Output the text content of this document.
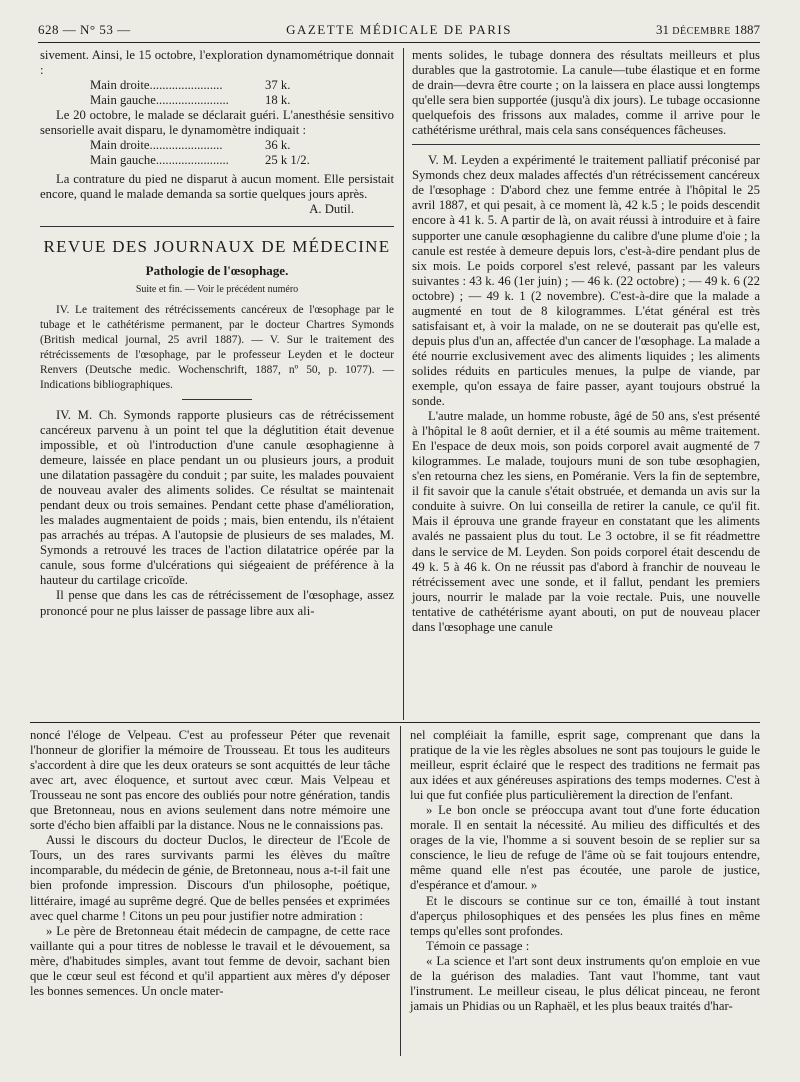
628 — N° 53 —	GAZETTE MÉDICALE DE PARIS	31 DÉCEMBRE 1887

sivement. Ainsi, le 15 octobre, l'exploration dynamométrique donnait :

Main droite.......................	37 k.
Main gauche.......................	18 k.

Le 20 octobre, le malade se déclarait guéri. L'anesthésie sensitivo sensorielle avait disparu, le dynamomètre indiquait :

Main droite.......................	36 k.
Main gauche.......................	25 k 1/2.

La contrature du pied ne disparut à aucun moment. Elle persistait encore, quand le malade demanda sa sortie quelques jours après.

A. Dutil.

REVUE DES JOURNAUX DE MÉDECINE
Pathologie de l'œsophage.
Suite et fin. — Voir le précédent numéro

IV. Le traitement des rétrécissements cancéreux de l'œsophage par le tubage et le cathétérisme permanent, par le docteur Chartres Symonds (British medical journal, 25 avril 1887). — V. Sur le traitement des rétrécissements de l'œsophage, par le professeur Leyden et le docteur Renvers (Deutsche medic. Wochenschrift, 1887, nº 50, p. 1077). — Indications bibliographiques.

IV. M. Ch. Symonds rapporte plusieurs cas de rétrécissement cancéreux parvenu à un point tel que la déglutition était devenue impossible, et où l'introduction d'une canule œsophagienne à demeure, laissée en place pendant un ou plusieurs jours, a produit une dilatation passagère du conduit ; par suite, les malades pouvaient de nouveau avaler des aliments solides. Ce résultat se maintenait pendant deux ou trois semaines. Pendant cette phase d'amélioration, les malades augmentaient de poids ; mais, bien entendu, ils n'étaient pas arrachés au trépas. A l'autopsie de plusieurs de ses malades, M. Symonds a retrouvé les traces de l'action dilatatrice opérée par la canule, sous forme d'ulcérations qui siégeaient de préférence à la hauteur du cartilage cricoïde.

Il pense que dans les cas de rétrécissement de l'œsophage, assez prononcé pour ne plus laisser de passage libre aux ali-

ments solides, le tubage donnera des résultats meilleurs et plus durables que la gastrotomie. La canule—tube élastique et en forme de drain—devra être courte ; on la laissera en place aussi longtemps qu'elle sera bien supportée (jusqu'à dix jours). Le tubage occasionne quelquefois des frissons aux malades, comme il arrive pour le cathétérisme uréthral, mais cela sans conséquences fâcheuses.

V. M. Leyden a expérimenté le traitement palliatif préconisé par Symonds chez deux malades affectés d'un rétrécissement cancéreux de l'œsophage : D'abord chez une femme entrée à l'hôpital le 25 avril 1887, et qui pesait, à ce moment là, 42 k.5 ; le poids descendit encore à 41 k. 5. A partir de là, on avait réussi à introduire et à faire supporter une canule œsophagienne du calibre d'une plume d'oie ; la canule est restée à demeure depuis lors, c'est-à-dire pendant plus de six mois. Le poids corporel s'est relevé, passant par les valeurs suivantes : 43 k. 46 (1er juin) ; — 46 k. (22 octobre) ; — 49 k. 6 (22 octobre) ; — 49 k. 1 (2 novembre). C'est-à-dire que la malade a augmenté en tout de 8 kilogrammes. L'état général est très satisfaisant et, à voir la malade, on ne se douterait pas qu'elle est, depuis plus d'un an, affectée d'un cancer de l'œsophage. La malade a été nourrie exclusivement avec des aliments liquides ; les aliments solides réduits en particules menues, la pulpe de viande, par exemple, qu'on essaya de faire passer, ayant toujours obstrué la sonde.

L'autre malade, un homme robuste, âgé de 50 ans, s'est présenté à l'hôpital le 8 août dernier, et il a été soumis au même traitement. En l'espace de deux mois, son poids corporel avait augmenté de 7 kilogrammes. Le malade, toujours muni de son tube œsophagien, s'en retourna chez les siens, en Poméranie. Vers la fin de septembre, il fit savoir que la canule s'était obstruée, et demanda un avis sur la conduite à suivre. On lui conseilla de retirer la canule, ce qu'il fit. Mais il éprouva une grande frayeur en constatant que les aliments avalés ne passaient plus du tout. Le 3 octobre, il se fit réadmettre dans le service de M. Leyden. Son poids corporel était descendu de 49 k. 5 à 46 k. On ne réussit pas d'abord à franchir de nouveau le rétrécissement avec une sonde, et il fallut, pendant les premiers jours, nourrir le malade par la voie rectale. Puis, une nouvelle tentative de cathétérisme ayant abouti, on put de nouveau placer dans l'œsophage une canule

noncé l'éloge de Velpeau. C'est au professeur Péter que revenait l'honneur de glorifier la mémoire de Trousseau. Et tous les auditeurs s'accordent à dire que les deux orateurs se sont acquittés de leur tâche avec art, avec éloquence, et surtout avec cœur. Mais Velpeau et Trousseau ne sont pas encore des oubliés pour notre génération, tandis que Bretonneau, nous en avions seulement dans notre mémoire une sorte d'écho bien affaibli par la distance. Nous ne le connaissions pas.

Aussi le discours du docteur Duclos, le directeur de l'Ecole de Tours, un des rares survivants parmi les élèves du maître incomparable, du médecin de génie, de Bretonneau, nous a-t-il fait une bien profonde impression. Discours d'un philosophe, poétique, littéraire, imagé au suprême degré. Que de belles pensées et exprimées avec quel charme ! Citons un peu pour justifier notre admiration :

» Le père de Bretonneau était médecin de campagne, de cette race vaillante qui a pour titres de noblesse le travail et le dévouement, sa mère, d'habitudes simples, avant tout femme de devoir, sachant bien que le cœur seul est fécond et qu'il appartient aux mères d'y déposer les bonnes semences. Un oncle mater-

nel compléiait la famille, esprit sage, comprenant que dans la pratique de la vie les règles absolues ne sont pas toujours le guide le meilleur, esprit éclairé que le respect des traditions ne fermait pas aux idées et aux généreuses aspirations des temps modernes. C'est à lui que fut confiée plus particulièrement la direction de l'enfant.

» Le bon oncle se préoccupa avant tout d'une forte éducation morale. Il en sentait la nécessité. Au milieu des difficultés et des orages de la vie, l'homme a si souvent besoin de se replier sur sa conscience, le lieu de refuge de l'âme où se fait toujours entendre, même quand elle n'est pas écoutée, une parole de justice, d'espérance et d'amour. »

Et le discours se continue sur ce ton, émaillé à tout instant d'aperçus philosophiques et des pensées les plus fines en même temps qu'elles sont profondes.

Témoin ce passage :

« La science et l'art sont deux instruments qu'on emploie en vue de la guérison des maladies. Tant vaut l'homme, tant vaut l'instrument. Le meilleur ciseau, le plus délicat pinceau, ne feront jamais un Phidias ou un Raphaël, et les plus beaux traités d'har-
